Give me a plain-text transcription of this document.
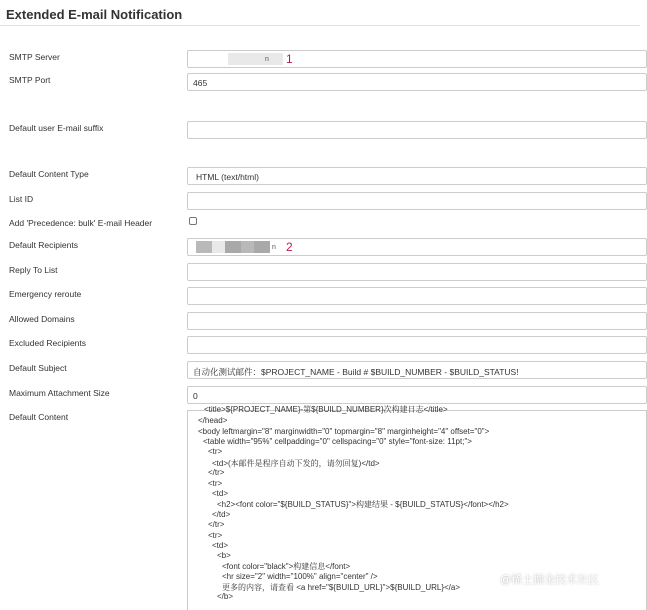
Extended E-mail Notification
SMTP Server	n 1
SMTP Port	465
Default user E-mail suffix
Default Content Type	HTML (text/html)
List ID
Add 'Precedence: bulk' E-mail Header
Default Recipients	n 2
Reply To List
Emergency reroute
Allowed Domains
Excluded Recipients
Default Subject	自动化测试邮件：$PROJECT_NAME - Build # $BUILD_NUMBER - $BUILD_STATUS!
Maximum Attachment Size	0
Default Content
<title>${PROJECT_NAME}-第${BUILD_NUMBER}次构建日志</title>
</head>
<body leftmargin="8" marginwidth="0" topmargin="8" marginheight="4" offset="0">
<table width="95%" cellpadding="0" cellspacing="0" style="font-size: 11pt;">
<tr>
<td>(本邮件是程序自动下发的，请勿回复)</td>
</tr>
<tr>
<td>
<h2><font color="${BUILD_STATUS}">构建结果 - ${BUILD_STATUS}</font></h2>
</td>
</tr>
<tr>
<td>
<b>
<font color="black">构建信息</font>
<hr size="2" width="100%" align="center" />
更多的内容，请查看 <a href="${BUILD_URL}">${BUILD_URL}</a>
</b>
@稀土掘金技术社区
